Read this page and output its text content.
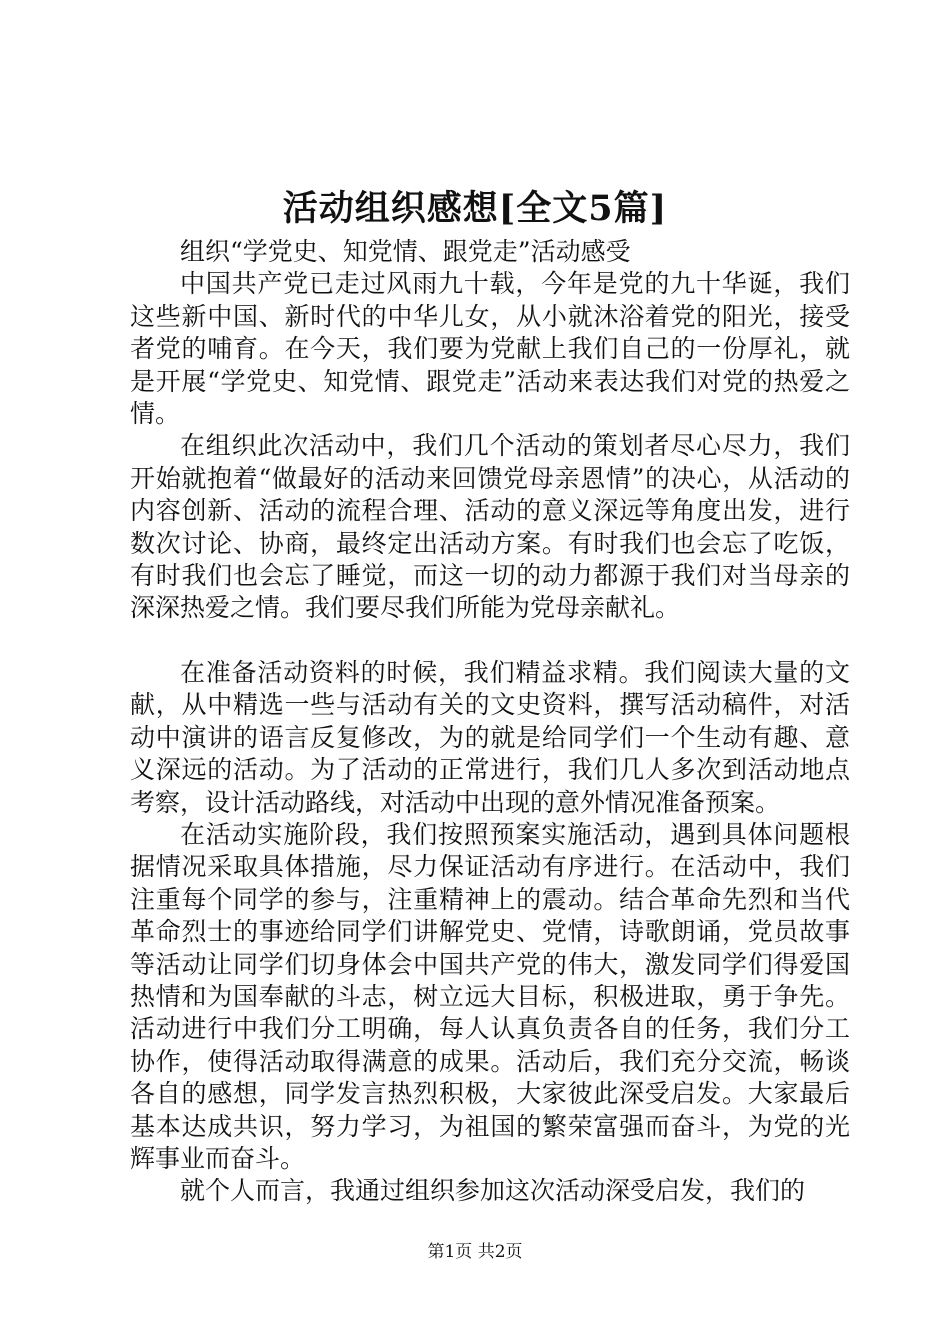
活动组织感想[全文5篇]

组织“学党史、知党情、跟党走”活动感受

中国共产党已走过风雨九十载，今年是党的九十华诞，我们这些新中国、新时代的中华儿女，从小就沐浴着党的阳光，接受者党的哺育。在今天，我们要为党献上我们自己的一份厚礼，就是开展“学党史、知党情、跟党走”活动来表达我们对党的热爱之情。

在组织此次活动中，我们几个活动的策划者尽心尽力，我们开始就抱着“做最好的活动来回馈党母亲恩情”的决心，从活动的内容创新、活动的流程合理、活动的意义深远等角度出发，进行数次讨论、协商，最终定出活动方案。有时我们也会忘了吃饭，有时我们也会忘了睡觉，而这一切的动力都源于我们对当母亲的深深热爱之情。我们要尽我们所能为党母亲献礼。

在准备活动资料的时候，我们精益求精。我们阅读大量的文献，从中精选一些与活动有关的文史资料，撰写活动稿件，对活动中演讲的语言反复修改，为的就是给同学们一个生动有趣、意义深远的活动。为了活动的正常进行，我们几人多次到活动地点考察，设计活动路线，对活动中出现的意外情况准备预案。

在活动实施阶段，我们按照预案实施活动，遇到具体问题根据情况采取具体措施，尽力保证活动有序进行。在活动中，我们注重每个同学的参与，注重精神上的震动。结合革命先烈和当代革命烈士的事迹给同学们讲解党史、党情，诗歌朗诵，党员故事等活动让同学们切身体会中国共产党的伟大，激发同学们得爱国热情和为国奉献的斗志，树立远大目标，积极进取，勇于争先。活动进行中我们分工明确，每人认真负责各自的任务，我们分工协作，使得活动取得满意的成果。活动后，我们充分交流，畅谈各自的感想，同学发言热烈积极，大家彼此深受启发。大家最后基本达成共识，努力学习，为祖国的繁荣富强而奋斗，为党的光辉事业而奋斗。

就个人而言，我通过组织参加这次活动深受启发，我们的

第1页 共2页
